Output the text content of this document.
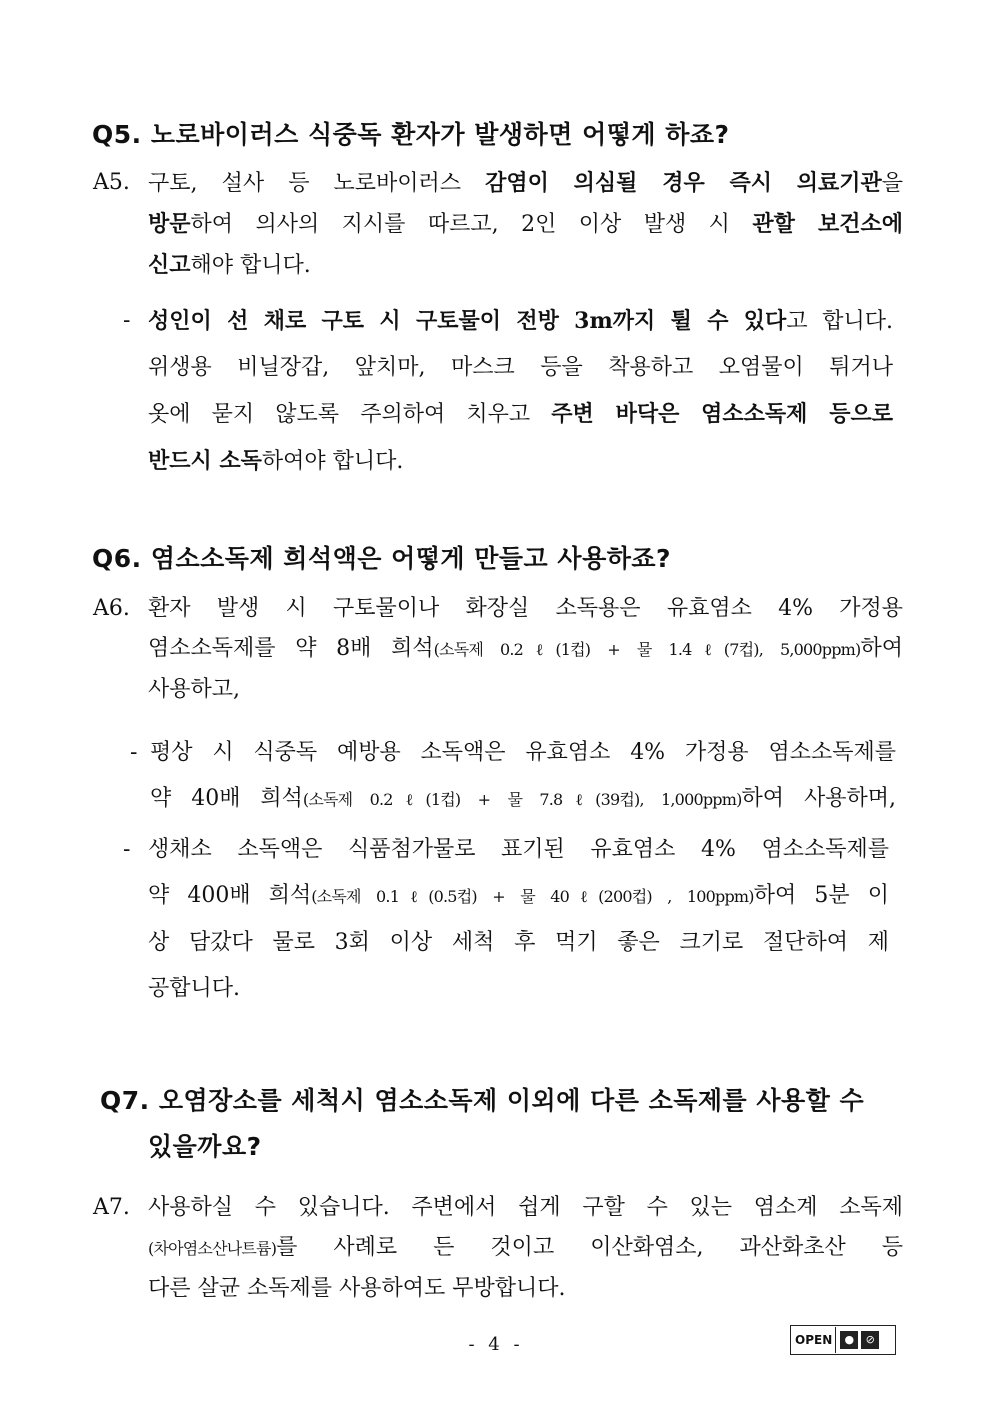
Q5. 노로바이러스 식중독 환자가 발생하면 어떻게 하죠?
A5. 구토, 설사 등 노로바이러스 감염이 의심될 경우 즉시 의료기관을
방문하여 의사의 지시를 따르고, 2인 이상 발생 시 관할 보건소에
신고해야 합니다.
- 성인이 선 채로 구토 시 구토물이 전방 3m까지 튈 수 있다고 합니다.
위생용 비닐장갑, 앞치마, 마스크 등을 착용하고 오염물이 튀거나
옷에 묻지 않도록 주의하여 치우고 주변 바닥은 염소소독제 등으로
반드시 소독하여야 합니다.
Q6. 염소소독제 희석액은 어떻게 만들고 사용하죠?
A6. 환자 발생 시 구토물이나 화장실 소독용은 유효염소 4% 가정용
염소소독제를 약 8배 희석(소독제 0.2ℓ(1컵) + 물 1.4ℓ(7컵), 5,000ppm)하여
사용하고,
- 평상 시 식중독 예방용 소독액은 유효염소 4% 가정용 염소소독제를
약 40배 희석(소독제 0.2ℓ(1컵) + 물 7.8ℓ(39컵), 1,000ppm)하여 사용하며,
- 생채소 소독액은 식품첨가물로 표기된 유효염소 4% 염소소독제를
약 400배 희석(소독제 0.1ℓ(0.5컵) + 물 40ℓ(200컵) , 100ppm)하여 5분 이
상 담갔다 물로 3회 이상 세척 후 먹기 좋은 크기로 절단하여 제
공합니다.
Q7. 오염장소를 세척시 염소소독제 이외에 다른 소독제를 사용할 수
있을까요?
A7. 사용하실 수 있습니다. 주변에서 쉽게 구할 수 있는 염소계 소독제
(차아염소산나트륨)를 사례로 든 것이고 이산화염소, 과산화초산 등
다른 살균 소독제를 사용하여도 무방합니다.
- 4 -	OPEN	●	⊘
